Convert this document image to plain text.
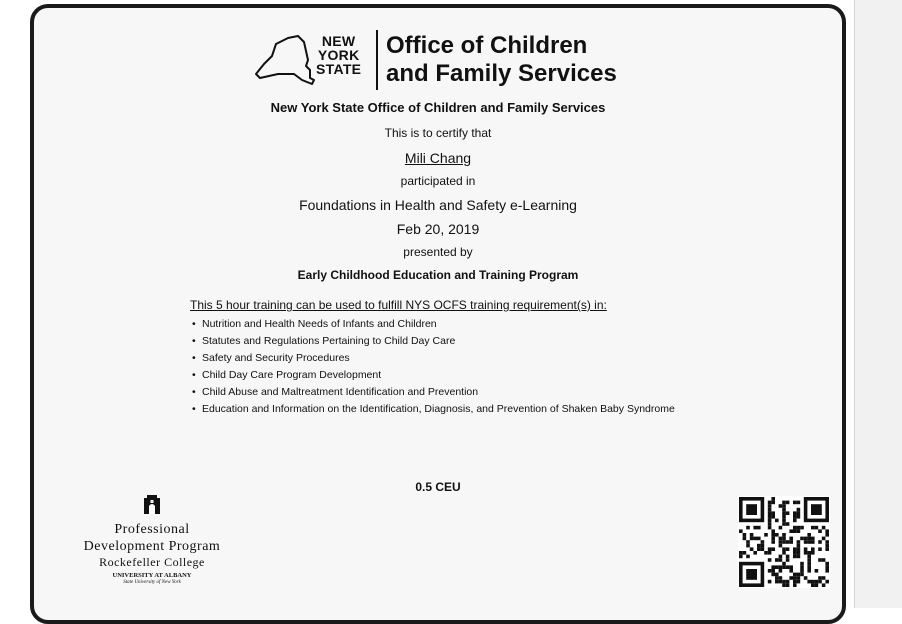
NEW
YORK
STATE
Office of Children
and Family Services
New York State Office of Children and Family Services
This is to certify that
Mili Chang
participated in
Foundations in Health and Safety e-Learning
Feb 20, 2019
presented by
Early Childhood Education and Training Program
This 5 hour training can be used to fulfill NYS OCFS training requirement(s) in:
• Nutrition and Health Needs of Infants and Children
• Statutes and Regulations Pertaining to Child Day Care
• Safety and Security Procedures
• Child Day Care Program Development
• Child Abuse and Maltreatment Identification and Prevention
• Education and Information on the Identification, Diagnosis, and Prevention of Shaken Baby Syndrome
0.5 CEU
Professional
Development Program
Rockefeller College
UNIVERSITY AT ALBANY
State University of New York
